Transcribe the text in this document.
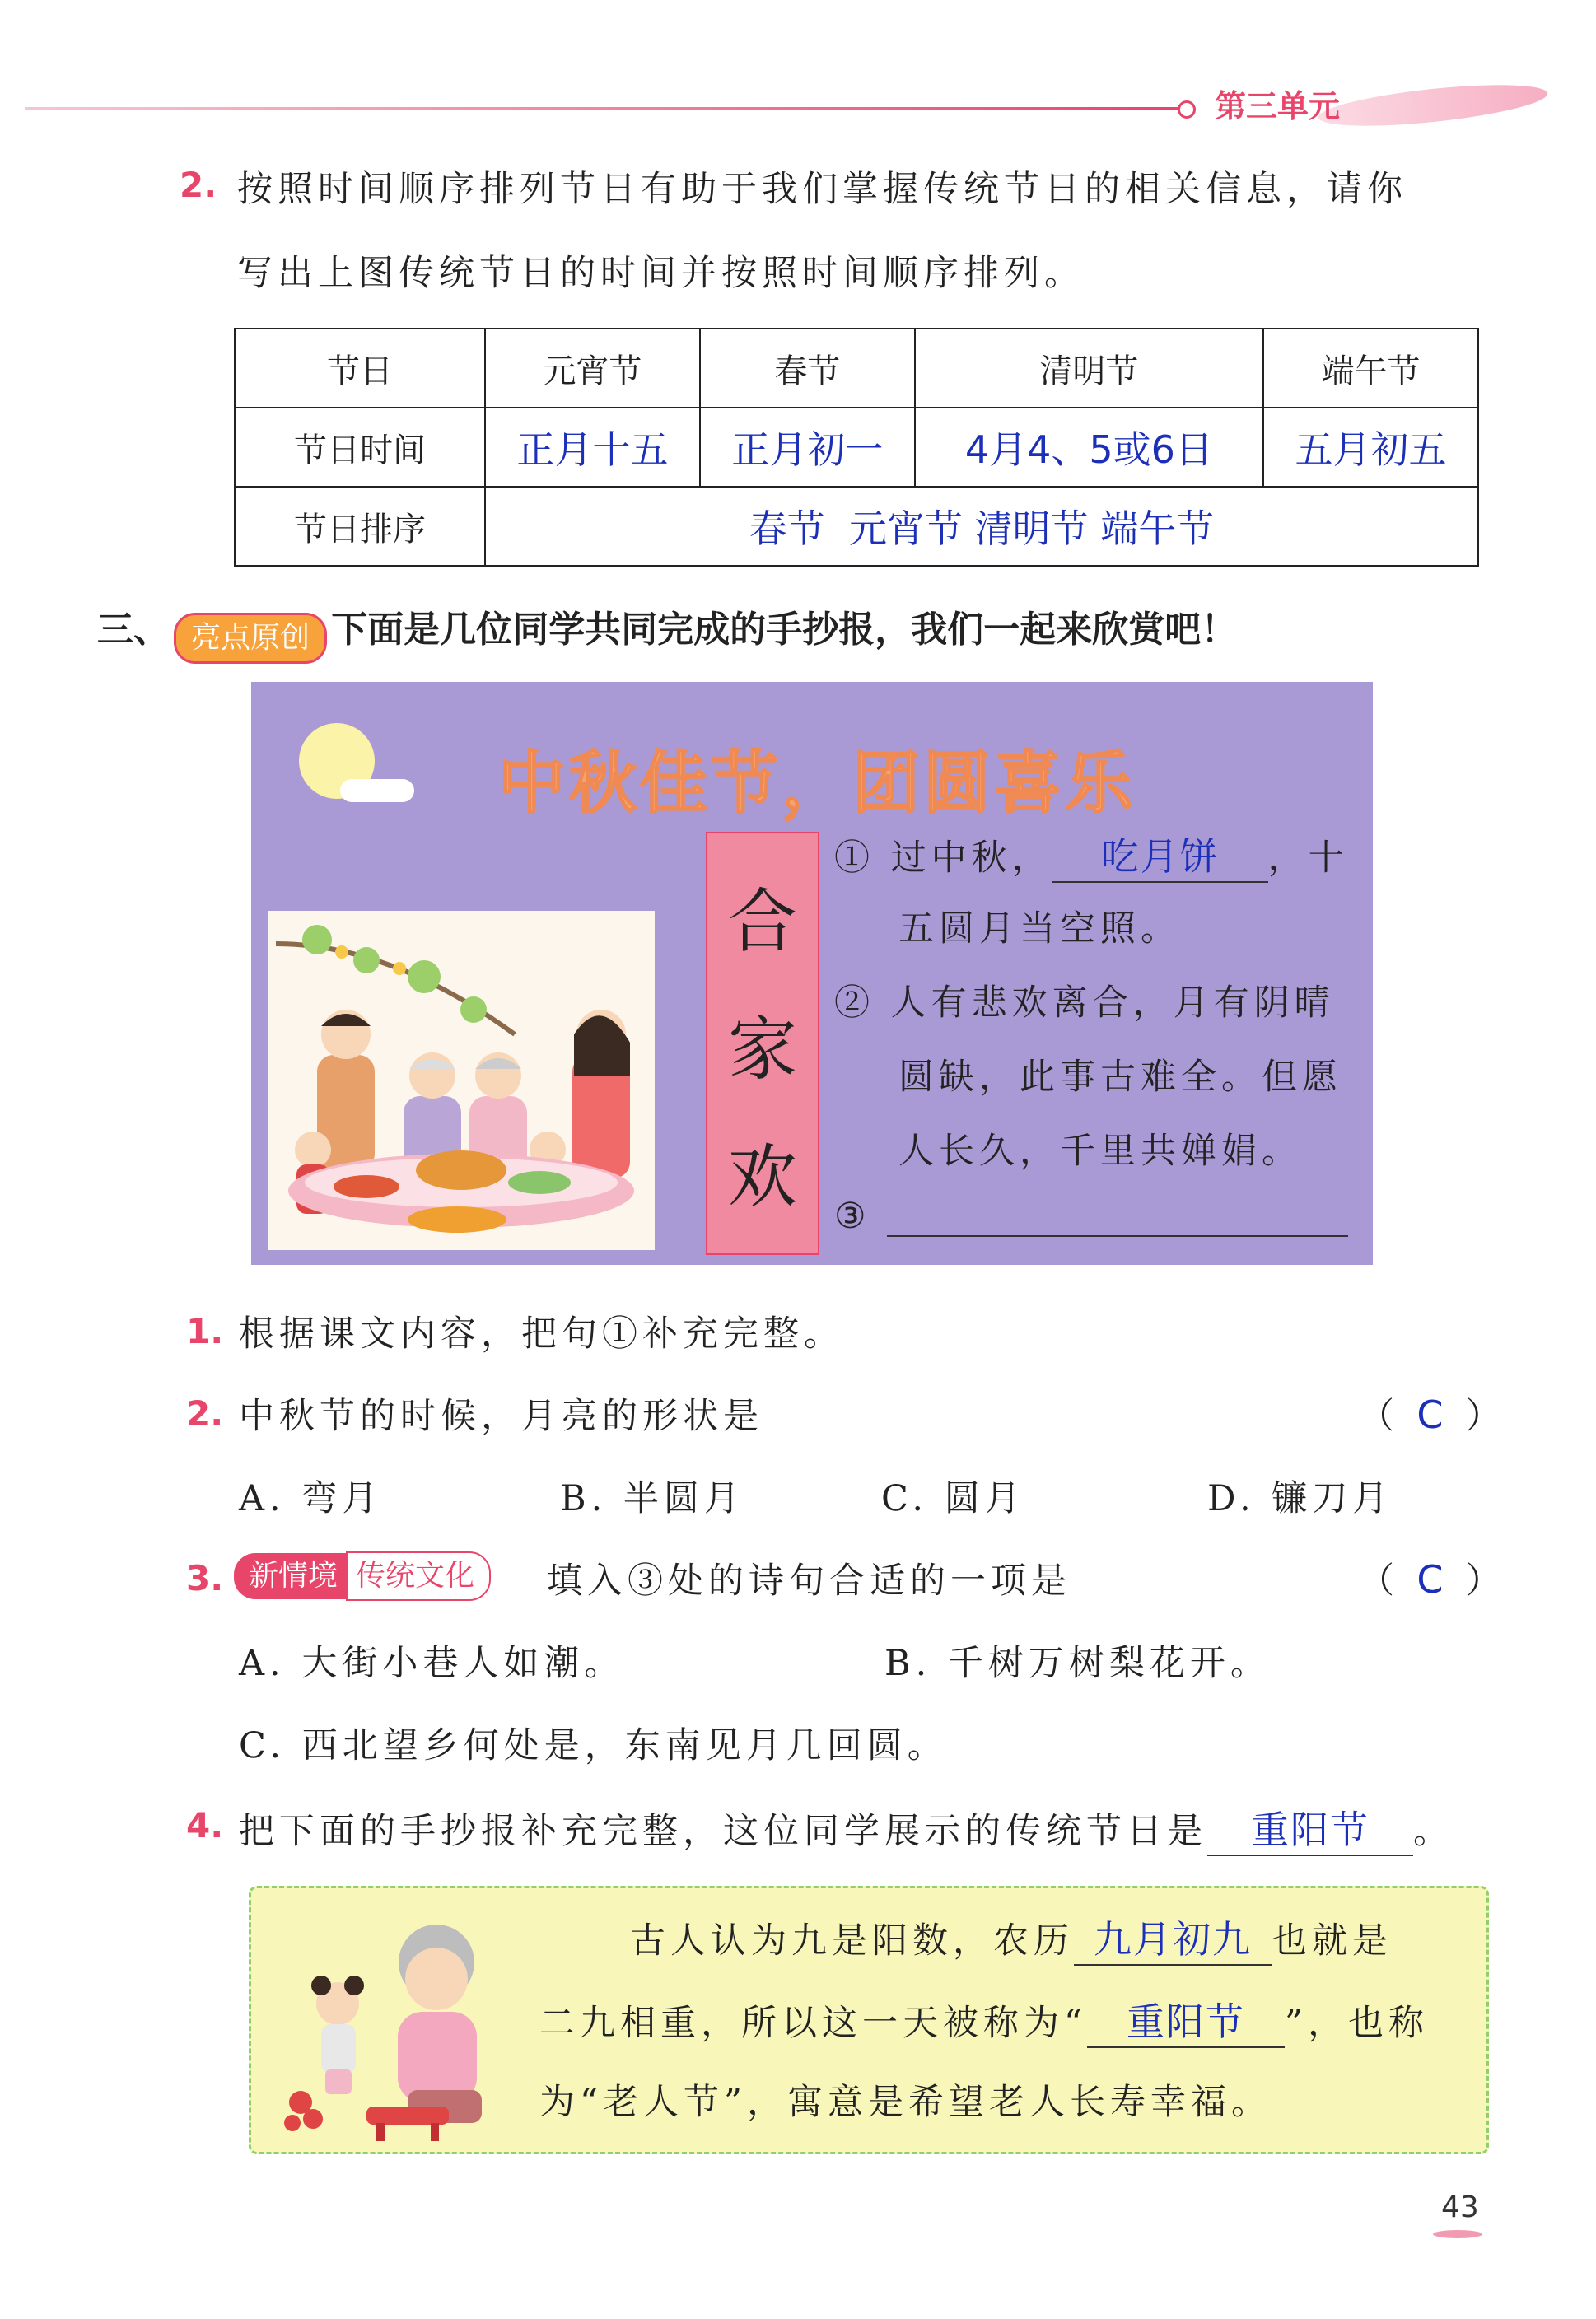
第三单元
2. 按照时间顺序排列节日有助于我们掌握传统节日的相关信息，请你
写出上图传统节日的时间并按照时间顺序排列。
节日	元宵节	春节	清明节	端午节
节日时间	正月十五	正月初一	4月4、5或6日	五月初五
节日排序	春节  元宵节 清明节 端午节			
三、 亮点原创 下面是几位同学共同完成的手抄报，我们一起来欣赏吧！
中秋佳节，团圆喜乐
合
家
欢
① 过中秋， 吃月饼 ，十
五圆月当空照。
② 人有悲欢离合，月有阴晴
圆缺，此事古难全。但愿
人长久，千里共婵娟。
③
1. 根据课文内容，把句①补充完整。
2. 中秋节的时候，月亮的形状是	（  C  ）
A. 弯月	B. 半圆月	C. 圆月	D. 镰刀月
3. 新情境 传统文化	填入③处的诗句合适的一项是	（  C  ）
A. 大街小巷人如潮。	B. 千树万树梨花开。
C. 西北望乡何处是，东南见月几回圆。
4. 把下面的手抄报补充完整，这位同学展示的传统节日是 重阳节 。
古人认为九是阳数，农历 九月初九 也就是
二九相重，所以这一天被称为“ 重阳节 ”，也称
为“老人节”，寓意是希望老人长寿幸福。
43
